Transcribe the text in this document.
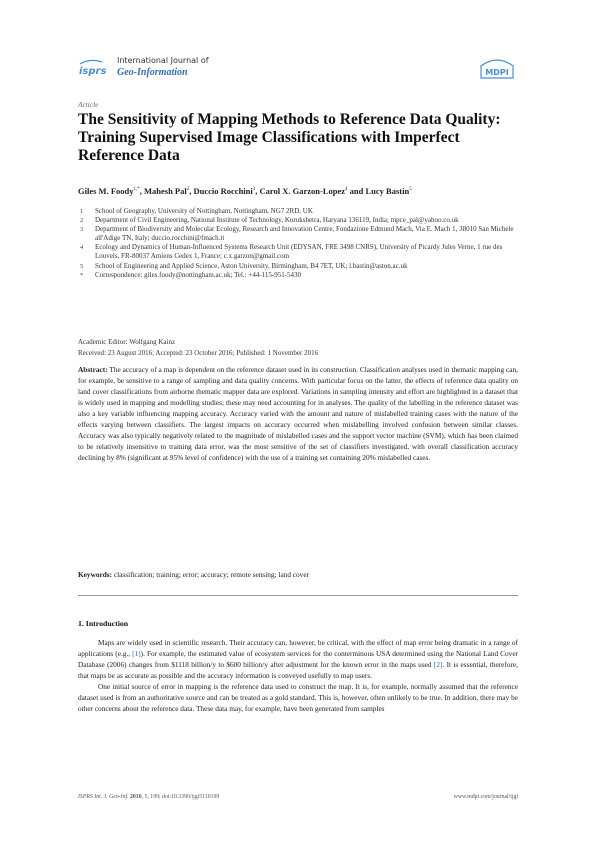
isprs
International Journal of
Geo-Information	MDPI
Article
The Sensitivity of Mapping Methods to Reference Data Quality: Training Supervised Image Classifications with Imperfect Reference Data
Giles M. Foody$^{1,*}$, Mahesh Pal$^2$, Duccio Rocchini$^3$, Carol X. Garzon-Lopez$^4$ and Lucy Bastin$^5$
1	School of Geography, University of Nottingham, Nottingham, NG7 2RD, UK
2	Department of Civil Engineering, National Institute of Technology, Kurukshetra, Haryana 136119, India; mpce_pal@yahoo.co.uk
3	Department of Biodiversity and Molecular Ecology, Research and Innovation Centre, Fondazione Edmund Mach, Via E. Mach 1, 38010 San Michele all'Adige TN, Italy; duccio.rocchini@fmach.it
4	Ecology and Dynamics of Human-Influenced Systems Research Unit (EDYSAN, FRE 3498 CNRS), University of Picardy Jules Verne, 1 rue des Louvels, FR-80037 Amiens Cedex 1, France; c.x.garzon@gmail.com
5	School of Engineering and Applied Science, Aston University, Birmingham, B4 7ET, UK; l.bastin@aston.ac.uk
*	Correspondence: giles.foody@nottingham.ac.uk; Tel.: +44-115-951-5430
Academic Editor: Wolfgang Kainz
Received: 23 August 2016; Accepted: 23 October 2016; Published: 1 November 2016
Abstract: The accuracy of a map is dependent on the reference dataset used in its construction. Classification analyses used in thematic mapping can, for example, be sensitive to a range of sampling and data quality concerns. With particular focus on the latter, the effects of reference data quality on land cover classifications from airborne thematic mapper data are explored. Variations in sampling intensity and effort are highlighted in a dataset that is widely used in mapping and modelling studies; these may need accounting for in analyses. The quality of the labelling in the reference dataset was also a key variable influencing mapping accuracy. Accuracy varied with the amount and nature of mislabelled training cases with the nature of the effects varying between classifiers. The largest impacts on accuracy occurred when mislabelling involved confusion between similar classes. Accuracy was also typically negatively related to the magnitude of mislabelled cases and the support vector machine (SVM), which has been claimed to be relatively insensitive to training data error, was the most sensitive of the set of classifiers investigated, with overall classification accuracy declining by 8% (significant at 95% level of confidence) with the use of a training set containing 20% mislabelled cases.
Keywords: classification; training; error; accuracy; remote sensing; land cover
1. Introduction

Maps are widely used in scientific research. Their accuracy can, however, be critical, with the effect of map error being dramatic in a range of applications (e.g., [1]). For example, the estimated value of ecosystem services for the conterminous USA determined using the National Land Cover Database (2006) changes from $1118 billion/y to $600 billion/y after adjustment for the known error in the maps used [2]. It is essential, therefore, that maps be as accurate as possible and the accuracy information is conveyed usefully to map users.

One initial source of error in mapping is the reference data used to construct the map. It is, for example, normally assumed that the reference dataset used is from an authoritative source and can be treated as a gold standard. This is, however, often unlikely to be true. In addition, there may be other concerns about the reference data. These data may, for example, have been generated from samples

ISPRS Int. J. Geo-Inf. 2016, 5, 199; doi:10.3390/ijgi5110199	www.mdpi.com/journal/ijgi
